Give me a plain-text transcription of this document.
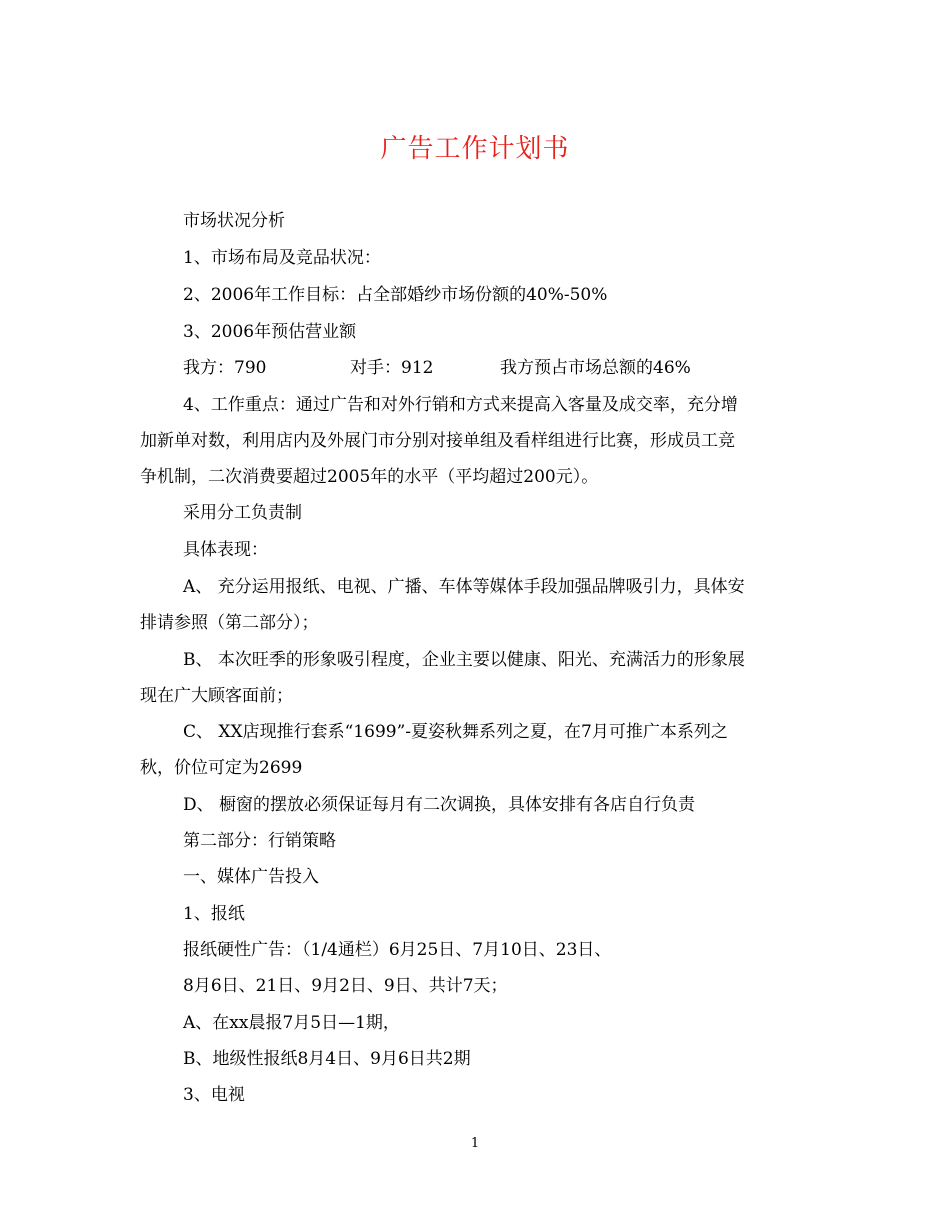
广告工作计划书
市场状况分析
1、市场布局及竞品状况：
2、2006年工作目标：占全部婚纱市场份额的40%-50%
3、2006年预估营业额
我方：790	对手：912	我方预占市场总额的46%
4、工作重点：通过广告和对外行销和方式来提高入客量及成交率，充分增
加新单对数，利用店内及外展门市分别对接单组及看样组进行比赛，形成员工竞
争机制，二次消费要超过2005年的水平（平均超过200元）。
采用分工负责制
具体表现：
A、 充分运用报纸、电视、广播、车体等媒体手段加强品牌吸引力，具体安
排请参照（第二部分）；
B、 本次旺季的形象吸引程度，企业主要以健康、阳光、充满活力的形象展
现在广大顾客面前；
C、 XX店现推行套系“1699”-夏姿秋舞系列之夏，在7月可推广本系列之
秋，价位可定为2699
D、 橱窗的摆放必须保证每月有二次调换，具体安排有各店自行负责
第二部分：行销策略
一、媒体广告投入
1、报纸
报纸硬性广告：（1/4通栏）6月25日、7月10日、23日、
8月6日、21日、9月2日、9日、共计7天；
A、在xx晨报7月5日—1期，
B、地级性报纸8月4日、9月6日共2期
3、电视
1
